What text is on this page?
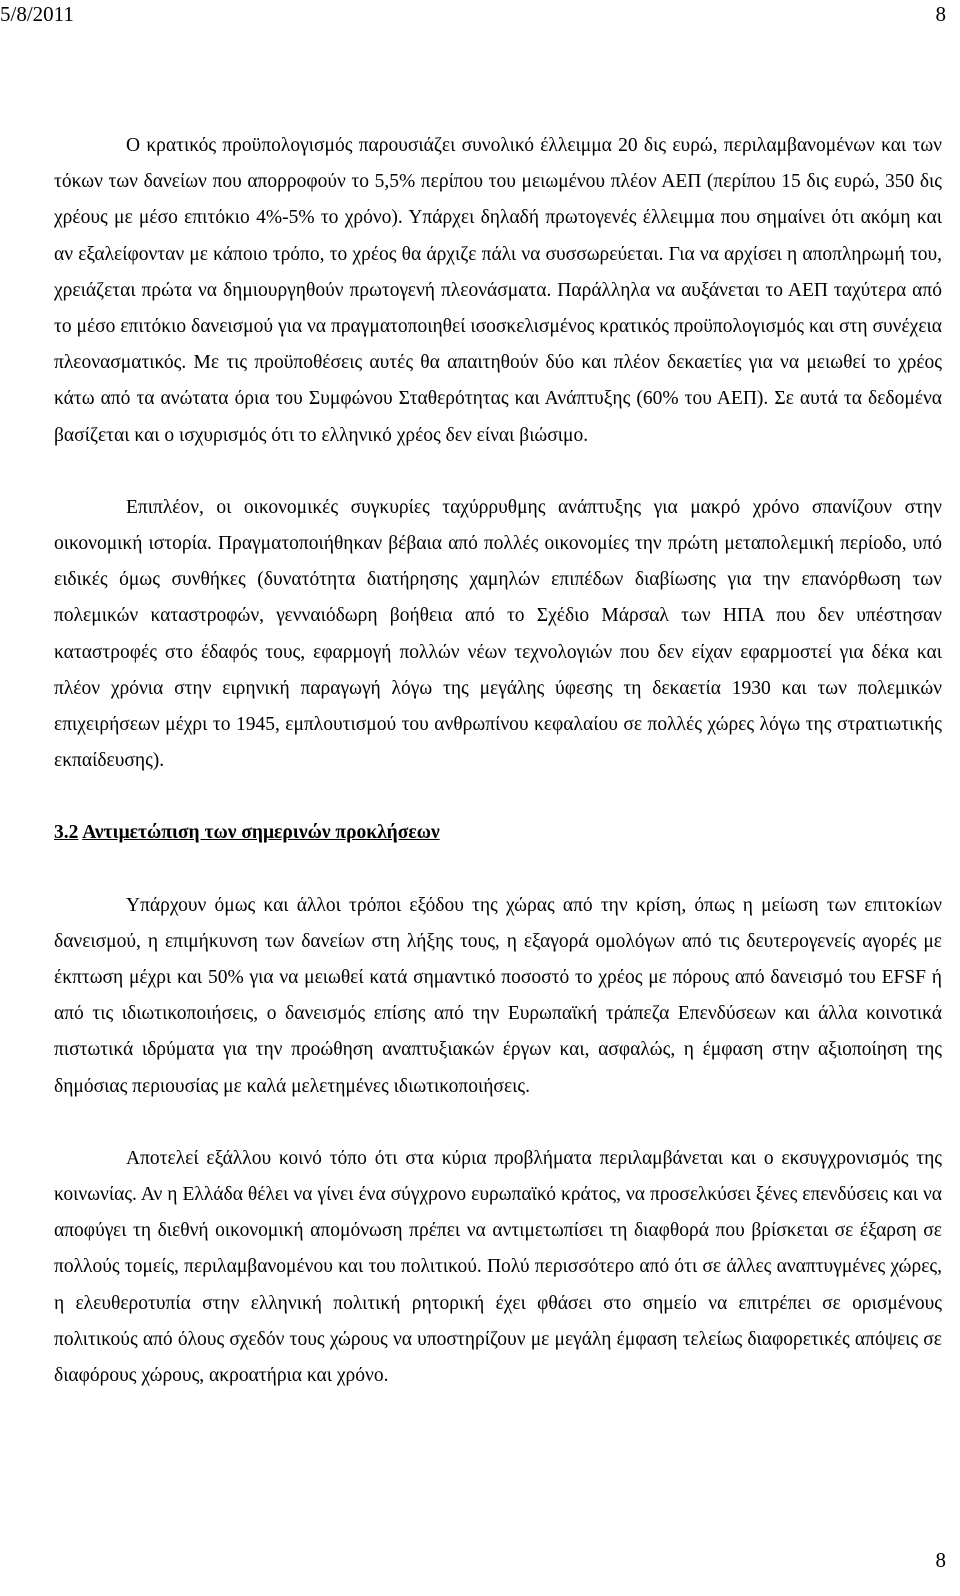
5/8/2011	8

Ο κρατικός προϋπολογισμός παρουσιάζει συνολικό έλλειμμα 20 δις ευρώ, περιλαμβανομένων και των τόκων των δανείων που απορροφούν το 5,5% περίπου του μειωμένου πλέον ΑΕΠ (περίπου 15 δις ευρώ, 350 δις χρέους με μέσο επιτόκιο 4%-5% το χρόνο). Υπάρχει δηλαδή πρωτογενές έλλειμμα που σημαίνει ότι ακόμη και αν εξαλείφονταν με κάποιο τρόπο, το χρέος θα άρχιζε πάλι να συσσωρεύεται. Για να αρχίσει η αποπληρωμή του, χρειάζεται πρώτα να δημιουργηθούν πρωτογενή πλεονάσματα. Παράλληλα να αυξάνεται το ΑΕΠ ταχύτερα από το μέσο επιτόκιο δανεισμού για να πραγματοποιηθεί ισοσκελισμένος κρατικός προϋπολογισμός και στη συνέχεια πλεονασματικός. Με τις προϋποθέσεις αυτές θα απαιτηθούν δύο και πλέον δεκαετίες για να μειωθεί το χρέος κάτω από τα ανώτατα όρια του Συμφώνου Σταθερότητας και Ανάπτυξης (60% του ΑΕΠ). Σε αυτά τα δεδομένα βασίζεται και ο ισχυρισμός ότι το ελληνικό χρέος δεν είναι βιώσιμο.

Επιπλέον, οι οικονομικές συγκυρίες ταχύρρυθμης ανάπτυξης για μακρό χρόνο σπανίζουν στην οικονομική ιστορία. Πραγματοποιήθηκαν βέβαια από πολλές οικονομίες την πρώτη μεταπολεμική περίοδο, υπό ειδικές όμως συνθήκες (δυνατότητα διατήρησης χαμηλών επιπέδων διαβίωσης για την επανόρθωση των πολεμικών καταστροφών, γενναιόδωρη βοήθεια από το Σχέδιο Μάρσαλ των ΗΠΑ που δεν υπέστησαν καταστροφές στο έδαφός τους, εφαρμογή πολλών νέων τεχνολογιών που δεν είχαν εφαρμοστεί για δέκα και πλέον χρόνια στην ειρηνική παραγωγή λόγω της μεγάλης ύφεσης τη δεκαετία 1930 και των πολεμικών επιχειρήσεων μέχρι το 1945, εμπλουτισμού του ανθρωπίνου κεφαλαίου σε πολλές χώρες λόγω της στρατιωτικής εκπαίδευσης).

3.2 Αντιμετώπιση των σημερινών προκλήσεων

Υπάρχουν όμως και άλλοι τρόποι εξόδου της χώρας από την κρίση, όπως η μείωση των επιτοκίων δανεισμού, η επιμήκυνση των δανείων στη λήξης τους, η εξαγορά ομολόγων από τις δευτερογενείς αγορές με έκπτωση μέχρι και 50% για να μειωθεί κατά σημαντικό ποσοστό το χρέος με πόρους από δανεισμό του EFSF ή από τις ιδιωτικοποιήσεις, ο δανεισμός επίσης από την Ευρωπαϊκή τράπεζα Επενδύσεων και άλλα κοινοτικά πιστωτικά ιδρύματα για την προώθηση αναπτυξιακών έργων και, ασφαλώς, η έμφαση στην αξιοποίηση της δημόσιας περιουσίας με καλά μελετημένες ιδιωτικοποιήσεις.

Αποτελεί εξάλλου κοινό τόπο ότι στα κύρια προβλήματα περιλαμβάνεται και ο εκσυγχρονισμός της κοινωνίας. Αν η Ελλάδα θέλει να γίνει ένα σύγχρονο ευρωπαϊκό κράτος, να προσελκύσει ξένες επενδύσεις και να αποφύγει τη διεθνή οικονομική απομόνωση πρέπει να αντιμετωπίσει τη διαφθορά που βρίσκεται σε έξαρση σε πολλούς τομείς, περιλαμβανομένου και του πολιτικού. Πολύ περισσότερο από ότι σε άλλες αναπτυγμένες χώρες, η ελευθεροτυπία στην ελληνική πολιτική ρητορική έχει φθάσει στο σημείο να επιτρέπει σε ορισμένους πολιτικούς από όλους σχεδόν τους χώρους να υποστηρίζουν με μεγάλη έμφαση τελείως διαφορετικές απόψεις σε διαφόρους χώρους, ακροατήρια και χρόνο.

8
